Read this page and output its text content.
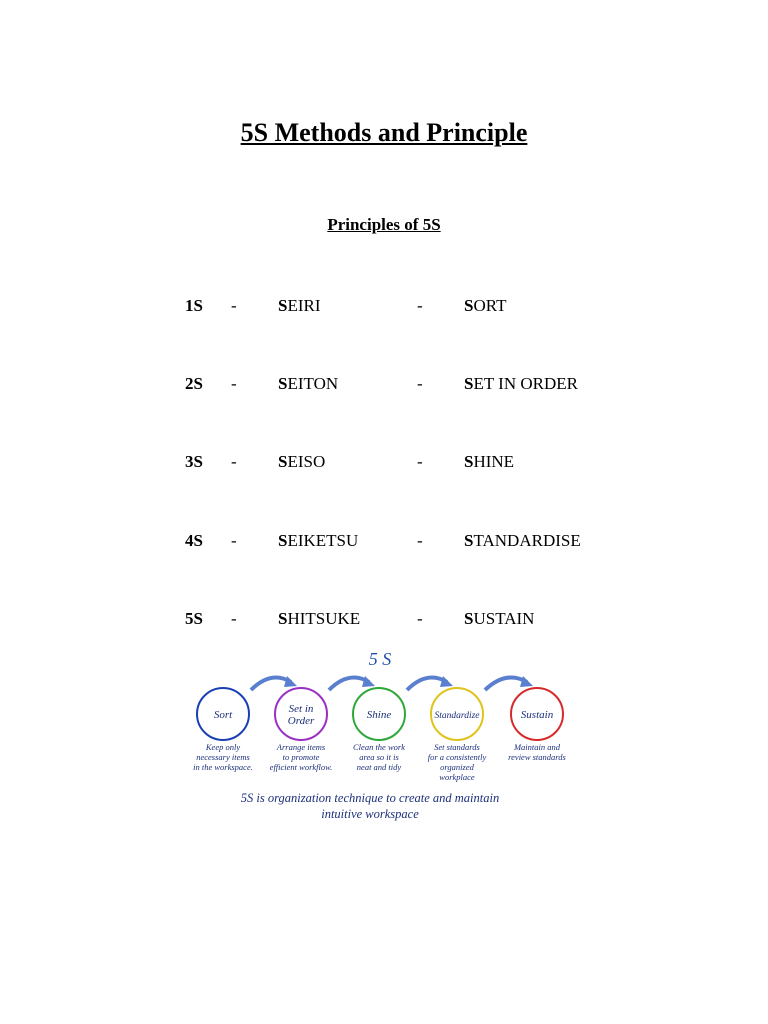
5S Methods and Principle
Principles of 5S
1S - SEIRI	- SORT
2S - SEITON	- SET IN ORDER
3S - SEISO	- SHINE
4S - SEIKETSU	- STANDARDISE
5S - SHITSUKE	- SUSTAIN
5 S
Sort
Keep only
necessary items
in the workspace.
Set in
Order
Arrange items
to promote
efficient workflow.
Shine
Clean the work
area so it is
neat and tidy
Standardize
Set standards
for a consistently
organized
workplace
Sustain
Maintain and
review standards
5S is organization technique to create and maintain
intuitive workspace
